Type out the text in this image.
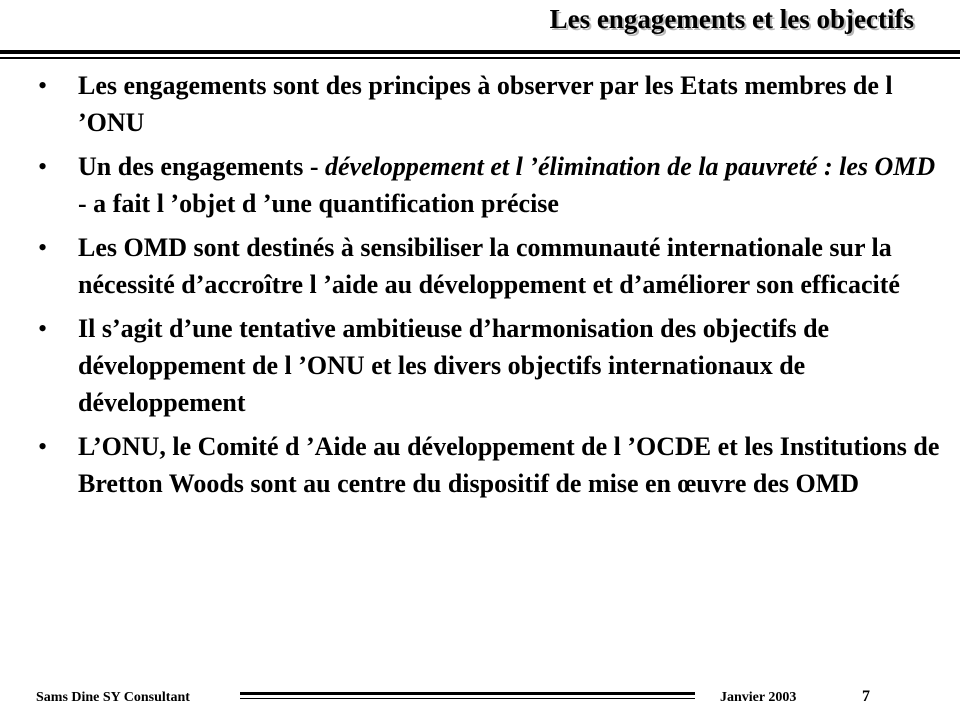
Les engagements et les objectifs
• Les engagements sont des principes à observer par les Etats membres de l ’ONU
• Un des engagements - développement et l ’élimination de la pauvreté : les OMD - a fait l ’objet d ’une quantification précise
• Les OMD sont destinés à sensibiliser la communauté internationale sur la nécessité d’accroître l ’aide au développement et d’améliorer son efficacité
• Il s’agit d’une tentative ambitieuse d’harmonisation des objectifs de développement de l ’ONU et les divers objectifs internationaux de développement
• L’ONU, le Comité d ’Aide au développement de l ’OCDE et les Institutions de Bretton Woods sont au centre du dispositif de mise en œuvre des OMD
Sams Dine SY Consultant	Janvier 2003	7
